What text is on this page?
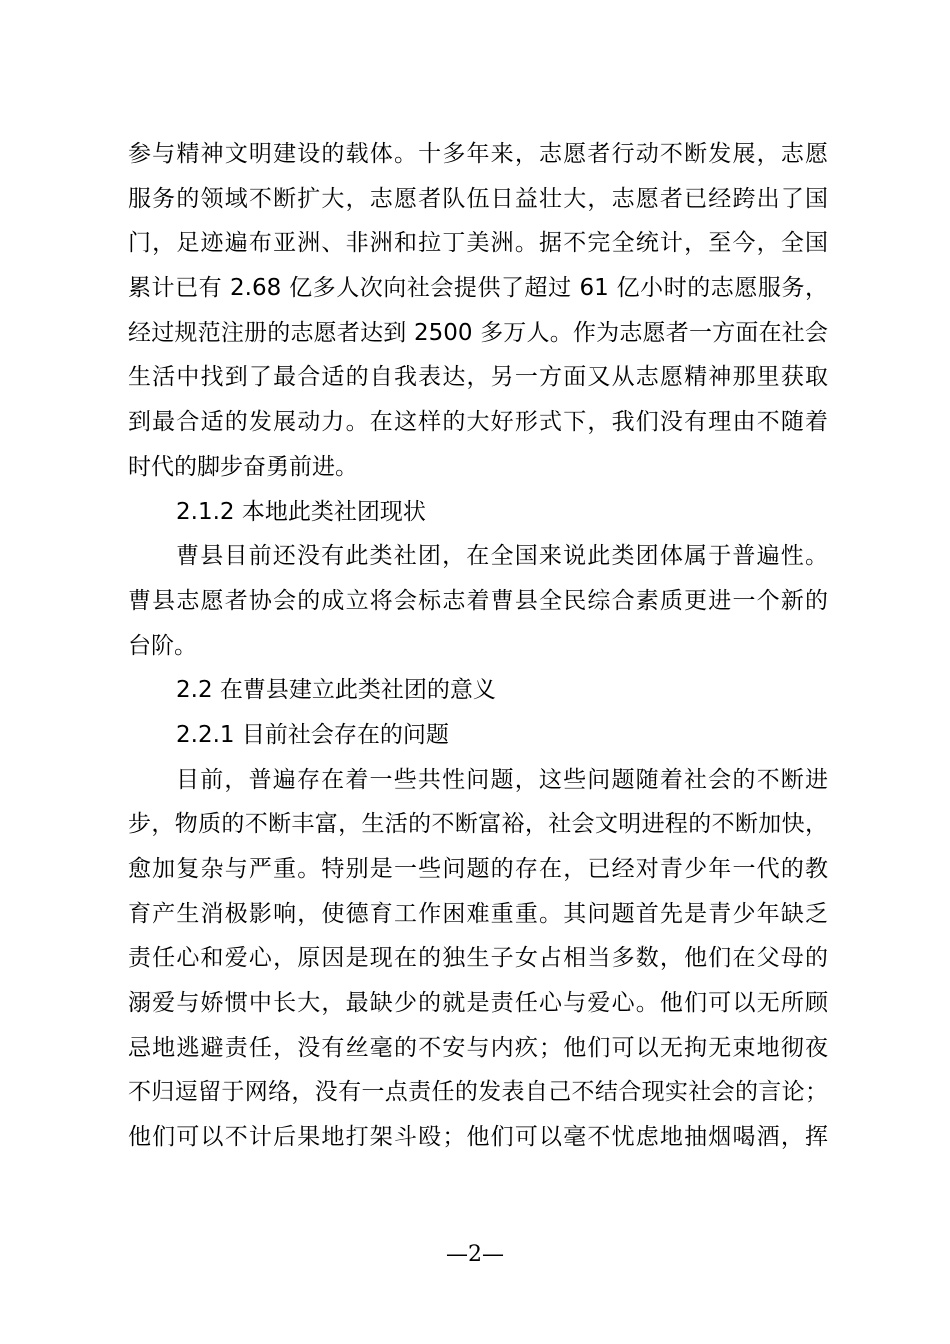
参与精神文明建设的载体。十多年来，志愿者行动不断发展，志愿
服务的领域不断扩大，志愿者队伍日益壮大，志愿者已经跨出了国
门，足迹遍布亚洲、非洲和拉丁美洲。据不完全统计，至今，全国
累计已有 2.68 亿多人次向社会提供了超过 61 亿小时的志愿服务，
经过规范注册的志愿者达到 2500 多万人。作为志愿者一方面在社会
生活中找到了最合适的自我表达，另一方面又从志愿精神那里获取
到最合适的发展动力。在这样的大好形式下，我们没有理由不随着
时代的脚步奋勇前进。
2.1.2 本地此类社团现状
曹县目前还没有此类社团，在全国来说此类团体属于普遍性。
曹县志愿者协会的成立将会标志着曹县全民综合素质更进一个新的
台阶。
2.2 在曹县建立此类社团的意义
2.2.1 目前社会存在的问题
目前，普遍存在着一些共性问题，这些问题随着社会的不断进
步，物质的不断丰富，生活的不断富裕，社会文明进程的不断加快，
愈加复杂与严重。特别是一些问题的存在，已经对青少年一代的教
育产生消极影响，使德育工作困难重重。其问题首先是青少年缺乏
责任心和爱心，原因是现在的独生子女占相当多数，他们在父母的
溺爱与娇惯中长大，最缺少的就是责任心与爱心。他们可以无所顾
忌地逃避责任，没有丝毫的不安与内疚；他们可以无拘无束地彻夜
不归逗留于网络，没有一点责任的发表自己不结合现实社会的言论；
他们可以不计后果地打架斗殴；他们可以毫不忧虑地抽烟喝酒，挥
—2—
